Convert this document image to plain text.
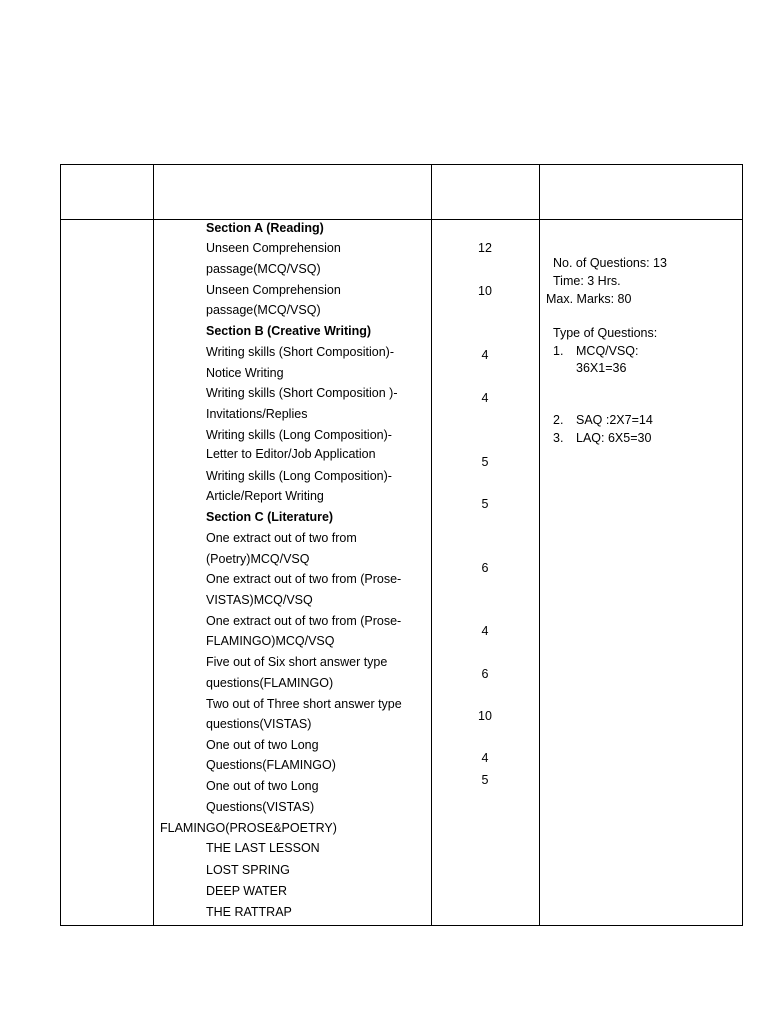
Section A (Reading)
Unseen Comprehension
passage(MCQ/VSQ)
Unseen Comprehension
passage(MCQ/VSQ)
Section B (Creative Writing)
Writing skills (Short Composition)-
Notice Writing
Writing skills (Short Composition )-
Invitations/Replies
Writing skills (Long Composition)-
Letter to Editor/Job Application
Writing skills (Long Composition)-
Article/Report Writing
Section C (Literature)
One extract out of two from
(Poetry)MCQ/VSQ
One extract out of two from (Prose-
VISTAS)MCQ/VSQ
One extract out of two from (Prose-
FLAMINGO)MCQ/VSQ
Five out of Six short answer type
questions(FLAMINGO)
Two out of Three short answer type
questions(VISTAS)
One out of two Long
Questions(FLAMINGO)
One out of two Long
Questions(VISTAS)
FLAMINGO(PROSE&POETRY)
THE LAST LESSON
LOST SPRING
DEEP WATER
THE RATTRAP
12
10
4
4
5
5
6
4
6
10
4
5
No. of Questions: 13
Time: 3 Hrs.
Max. Marks: 80
Type of Questions:
1. MCQ/VSQ:
36X1=36
2. SAQ :2X7=14
3. LAQ: 6X5=30
